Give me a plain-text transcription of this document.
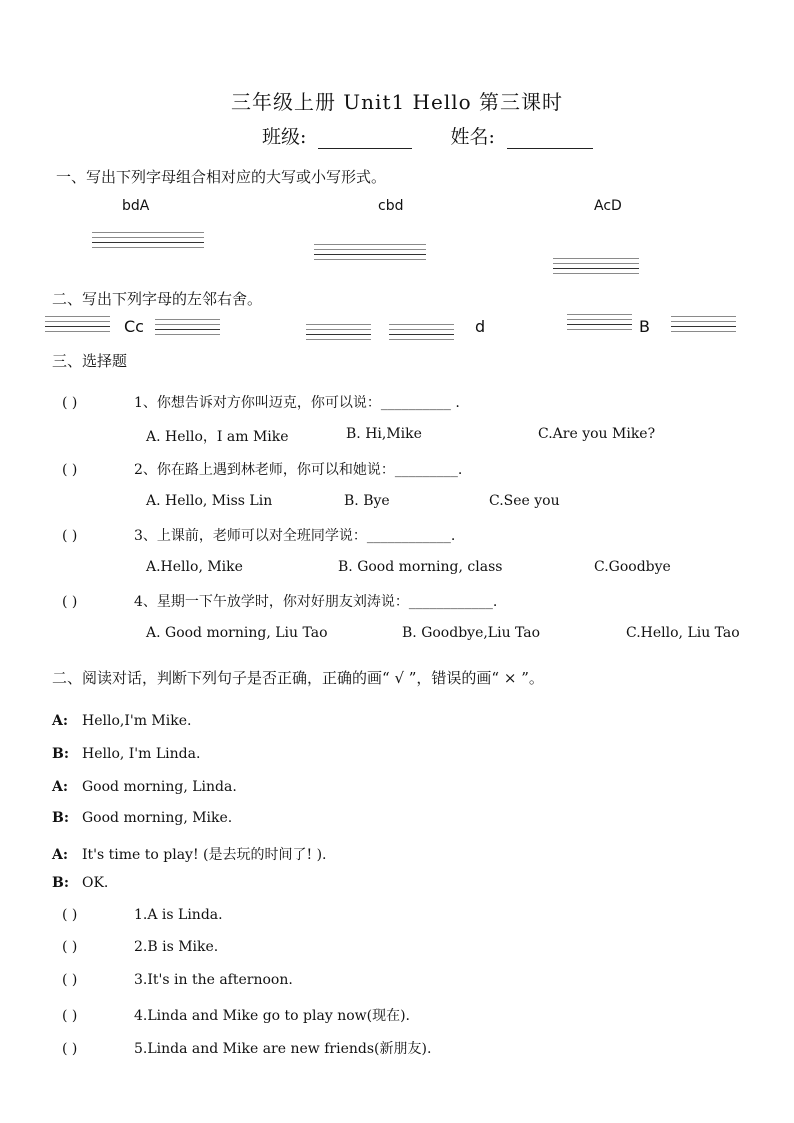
三年级上册 Unit1 Hello 第三课时
班级:	姓名:
一、写出下列字母组合相对应的大写或小写形式。
bdA	cbd	AcD
二、写出下列字母的左邻右舍。
Cc	d	B
三、选择题
( )	1、你想告诉对方你叫迈克，你可以说：__________ .
A. Hello，I am Mike	B. Hi,Mike	C.Are you Mike?
( )	2、你在路上遇到林老师，你可以和她说：_________.
A. Hello, Miss Lin	B. Bye	C.See you
( )	3、上课前，老师可以对全班同学说：____________.
A.Hello, Mike	B. Good morning, class	C.Goodbye
( )	4、星期一下午放学时，你对好朋友刘涛说：____________.
A. Good morning, Liu Tao	B. Goodbye,Liu Tao	C.Hello, Liu Tao
二、阅读对话，判断下列句子是否正确，正确的画“ √ ”，错误的画“ × ”。
A: Hello,I'm Mike.
B: Hello, I'm Linda.
A: Good morning, Linda.
B: Good morning, Mike.
A: It's time to play! (是去玩的时间了! ).
B: OK.
( )	1.A is Linda.
( )	2.B is Mike.
( )	3.It's in the afternoon.
( )	4.Linda and Mike go to play now(现在).
( )	5.Linda and Mike are new friends(新朋友).
